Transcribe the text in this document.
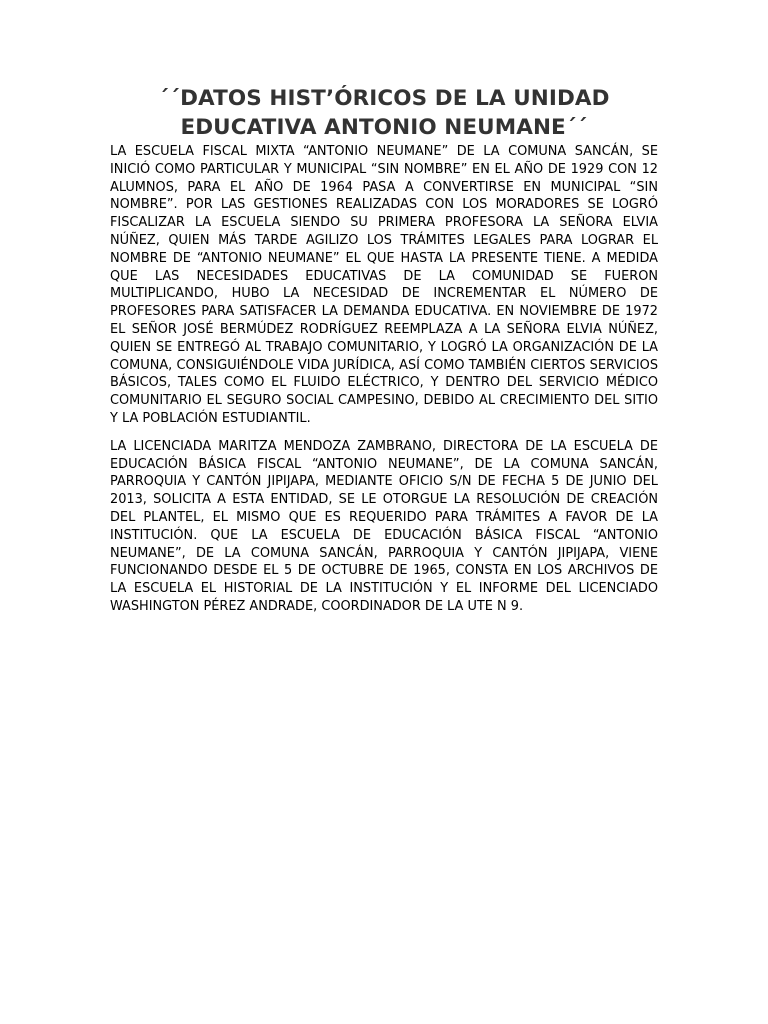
´´DATOS HIST’ÓRICOS DE LA UNIDAD EDUCATIVA ANTONIO NEUMANE´´

LA ESCUELA FISCAL MIXTA “ANTONIO NEUMANE” DE LA COMUNA SANCÁN, SE INICIÓ COMO PARTICULAR Y MUNICIPAL “SIN NOMBRE” EN EL AÑO DE 1929 CON 12 ALUMNOS, PARA EL AÑO DE 1964 PASA A CONVERTIRSE EN MUNICIPAL “SIN NOMBRE”. POR LAS GESTIONES REALIZADAS CON LOS MORADORES SE LOGRÓ FISCALIZAR LA ESCUELA SIENDO SU PRIMERA PROFESORA LA SEÑORA ELVIA NÚÑEZ, QUIEN MÁS TARDE AGILIZO LOS TRÁMITES LEGALES PARA LOGRAR EL NOMBRE DE “ANTONIO NEUMANE” EL QUE HASTA LA PRESENTE TIENE. A MEDIDA QUE LAS NECESIDADES EDUCATIVAS DE LA COMUNIDAD SE FUERON MULTIPLICANDO, HUBO LA NECESIDAD DE INCREMENTAR EL NÚMERO DE PROFESORES PARA SATISFACER LA DEMANDA EDUCATIVA. EN NOVIEMBRE DE 1972 EL SEÑOR JOSÉ BERMÚDEZ RODRÍGUEZ REEMPLAZA A LA SEÑORA ELVIA NÚÑEZ, QUIEN SE ENTREGÓ AL TRABAJO COMUNITARIO, Y LOGRÓ LA ORGANIZACIÓN DE LA COMUNA, CONSIGUIÉNDOLE VIDA JURÍDICA, ASÍ COMO TAMBIÉN CIERTOS SERVICIOS BÁSICOS, TALES COMO EL FLUIDO ELÉCTRICO, Y DENTRO DEL SERVICIO MÉDICO COMUNITARIO EL SEGURO SOCIAL CAMPESINO, DEBIDO AL CRECIMIENTO DEL SITIO Y LA POBLACIÓN ESTUDIANTIL.

LA LICENCIADA MARITZA MENDOZA ZAMBRANO, DIRECTORA DE LA ESCUELA DE EDUCACIÓN BÁSICA FISCAL “ANTONIO NEUMANE”, DE LA COMUNA SANCÁN, PARROQUIA Y CANTÓN JIPIJAPA, MEDIANTE OFICIO S/N DE FECHA 5 DE JUNIO DEL 2013, SOLICITA A ESTA ENTIDAD, SE LE OTORGUE LA RESOLUCIÓN DE CREACIÓN DEL PLANTEL, EL MISMO QUE ES REQUERIDO PARA TRÁMITES A FAVOR DE LA INSTITUCIÓN. QUE LA ESCUELA DE EDUCACIÓN BÁSICA FISCAL “ANTONIO NEUMANE”, DE LA COMUNA SANCÁN, PARROQUIA Y CANTÓN JIPIJAPA, VIENE FUNCIONANDO DESDE EL 5 DE OCTUBRE DE 1965, CONSTA EN LOS ARCHIVOS DE LA ESCUELA EL HISTORIAL DE LA INSTITUCIÓN Y EL INFORME DEL LICENCIADO WASHINGTON PÉREZ ANDRADE, COORDINADOR DE LA UTE N 9.
